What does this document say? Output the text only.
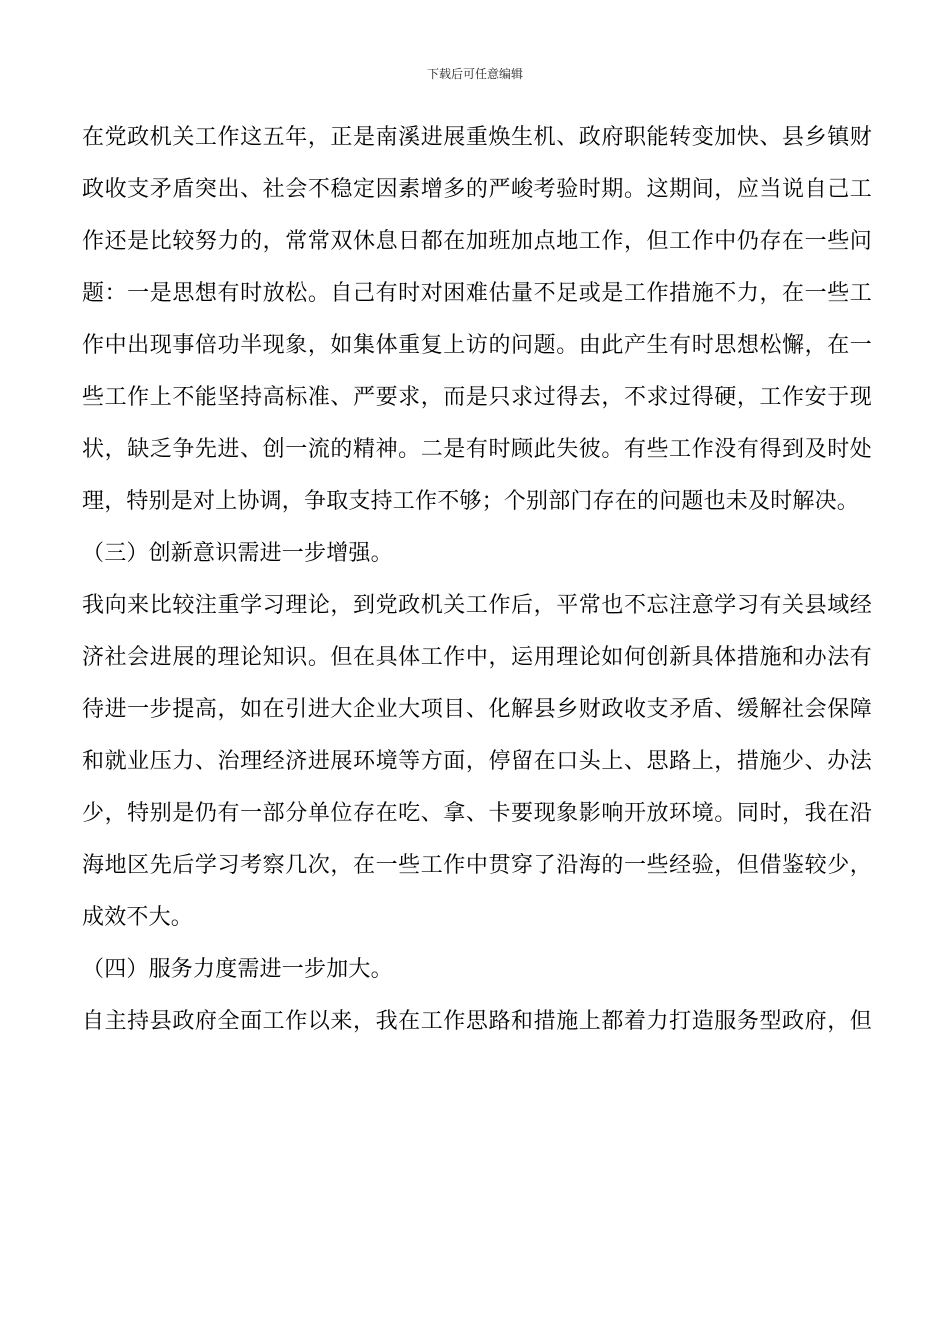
下载后可任意编辑
在党政机关工作这五年，正是南溪进展重焕生机、政府职能转变加快、县乡镇财
政收支矛盾突出、社会不稳定因素增多的严峻考验时期。这期间，应当说自己工
作还是比较努力的，常常双休息日都在加班加点地工作，但工作中仍存在一些问
题：一是思想有时放松。自己有时对困难估量不足或是工作措施不力，在一些工
作中出现事倍功半现象，如集体重复上访的问题。由此产生有时思想松懈，在一
些工作上不能坚持高标准、严要求，而是只求过得去，不求过得硬，工作安于现
状，缺乏争先进、创一流的精神。二是有时顾此失彼。有些工作没有得到及时处
理，特别是对上协调，争取支持工作不够；个别部门存在的问题也未及时解决。
（三）创新意识需进一步增强。
我向来比较注重学习理论，到党政机关工作后，平常也不忘注意学习有关县域经
济社会进展的理论知识。但在具体工作中，运用理论如何创新具体措施和办法有
待进一步提高，如在引进大企业大项目、化解县乡财政收支矛盾、缓解社会保障
和就业压力、治理经济进展环境等方面，停留在口头上、思路上，措施少、办法
少，特别是仍有一部分单位存在吃、拿、卡要现象影响开放环境。同时，我在沿
海地区先后学习考察几次，在一些工作中贯穿了沿海的一些经验，但借鉴较少，
成效不大。
（四）服务力度需进一步加大。
自主持县政府全面工作以来，我在工作思路和措施上都着力打造服务型政府，但
